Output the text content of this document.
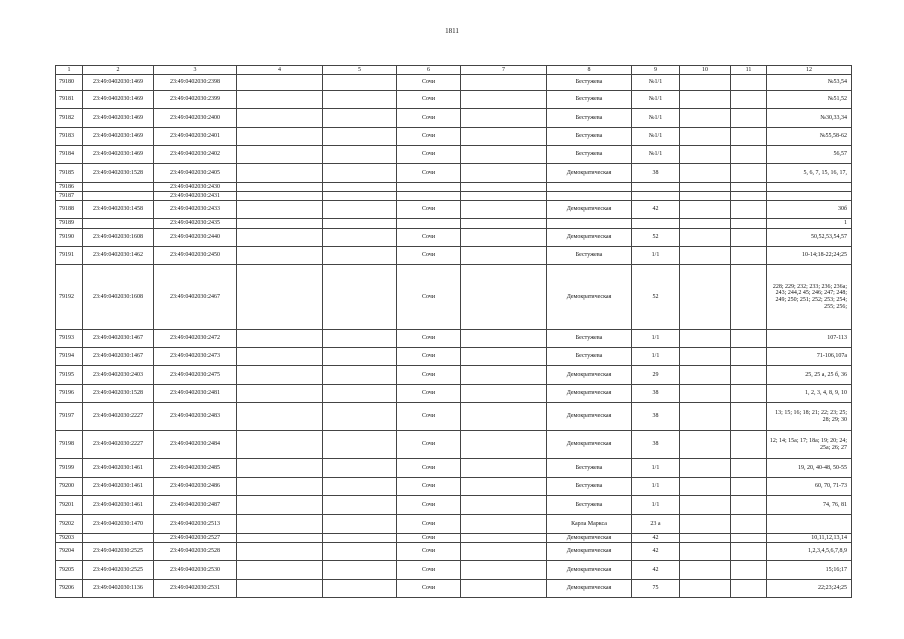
1811
1	2	3	4	5	6	7	8	9	10	11	12
79180	23:49:0402030:1469	23:49:0402030:2398			Сочи		Бестужева	№1/1			№53,54
79181	23:49:0402030:1469	23:49:0402030:2399			Сочи		Бестужева	№1/1			№51,52
79182	23:49:0402030:1469	23:49:0402030:2400			Сочи		Бестужева	№1/1			№30,33,34
79183	23:49:0402030:1469	23:49:0402030:2401			Сочи		Бестужева	№1/1			№55,58-62
79184	23:49:0402030:1469	23:49:0402030:2402			Сочи		Бестужева	№1/1			56,57
79185	23:49:0402030:1528	23:49:0402030:2405			Сочи		Демократическая	38			5, 6, 7, 15, 16, 17,
79186		23:49:0402030:2430									
79187		23:49:0402030:2431									
79188	23:49:0402030:1458	23:49:0402030:2433			Сочи		Демократическая	42			30б
79189		23:49:0402030:2435									1
79190	23:49:0402030:1608	23:49:0402030:2440			Сочи		Демократическая	52			50,52,53,54,57
79191	23:49:0402030:1462	23:49:0402030:2450			Сочи		Бестужева	1/1			10-14;18-22;24;25
79192	23:49:0402030:1608	23:49:0402030:2467			Сочи		Демократическая	52			228; 229; 232; 233; 236; 236а; 243; 244,2 45; 246; 247; 248; 249; 250; 251; 252; 253; 254; 255; 256;
79193	23:49:0402030:1467	23:49:0402030:2472			Сочи		Бестужева	1/1			107-113
79194	23:49:0402030:1467	23:49:0402030:2473			Сочи		Бестужева	1/1			71-106,107а
79195	23:49:0402030:2403	23:49:0402030:2475			Сочи		Демократическая	29			25, 25 а, 25 б, 36
79196	23:49:0402030:1528	23:49:0402030:2481			Сочи		Демократическая	38			1, 2, 3, 4, 8, 9, 10
79197	23:49:0402030:2227	23:49:0402030:2483			Сочи		Демократическая	38			13; 15; 16; 18; 21; 22; 23; 25; 28; 29; 30
79198	23:49:0402030:2227	23:49:0402030:2484			Сочи		Демократическая	38			12; 14; 15а; 17; 18а; 19; 20; 24; 25а; 26; 27
79199	23:49:0402030:1461	23:49:0402030:2485			Сочи		Бестужева	1/1			19, 20, 40-48, 50-55
79200	23:49:0402030:1461	23:49:0402030:2486			Сочи		Бестужева	1/1			60, 70, 71-73
79201	23:49:0402030:1461	23:49:0402030:2487			Сочи		Бестужева	1/1			74, 76, 81
79202	23:49:0402030:1470	23:49:0402030:2513			Сочи		Карла Маркса	23 а			
79203		23:49:0402030:2527			Сочи		Демократическая	42			10,11,12,13,14
79204	23:49:0402030:2525	23:49:0402030:2528			Сочи		Демократическая	42			1,2,3,4,5,6,7,8,9
79205	23:49:0402030:2525	23:49:0402030:2530			Сочи		Демократическая	42			15;16;17
79206	23:49:0402030:1136	23:49:0402030:2531			Сочи		Демократическая	75			22;23;24;25
